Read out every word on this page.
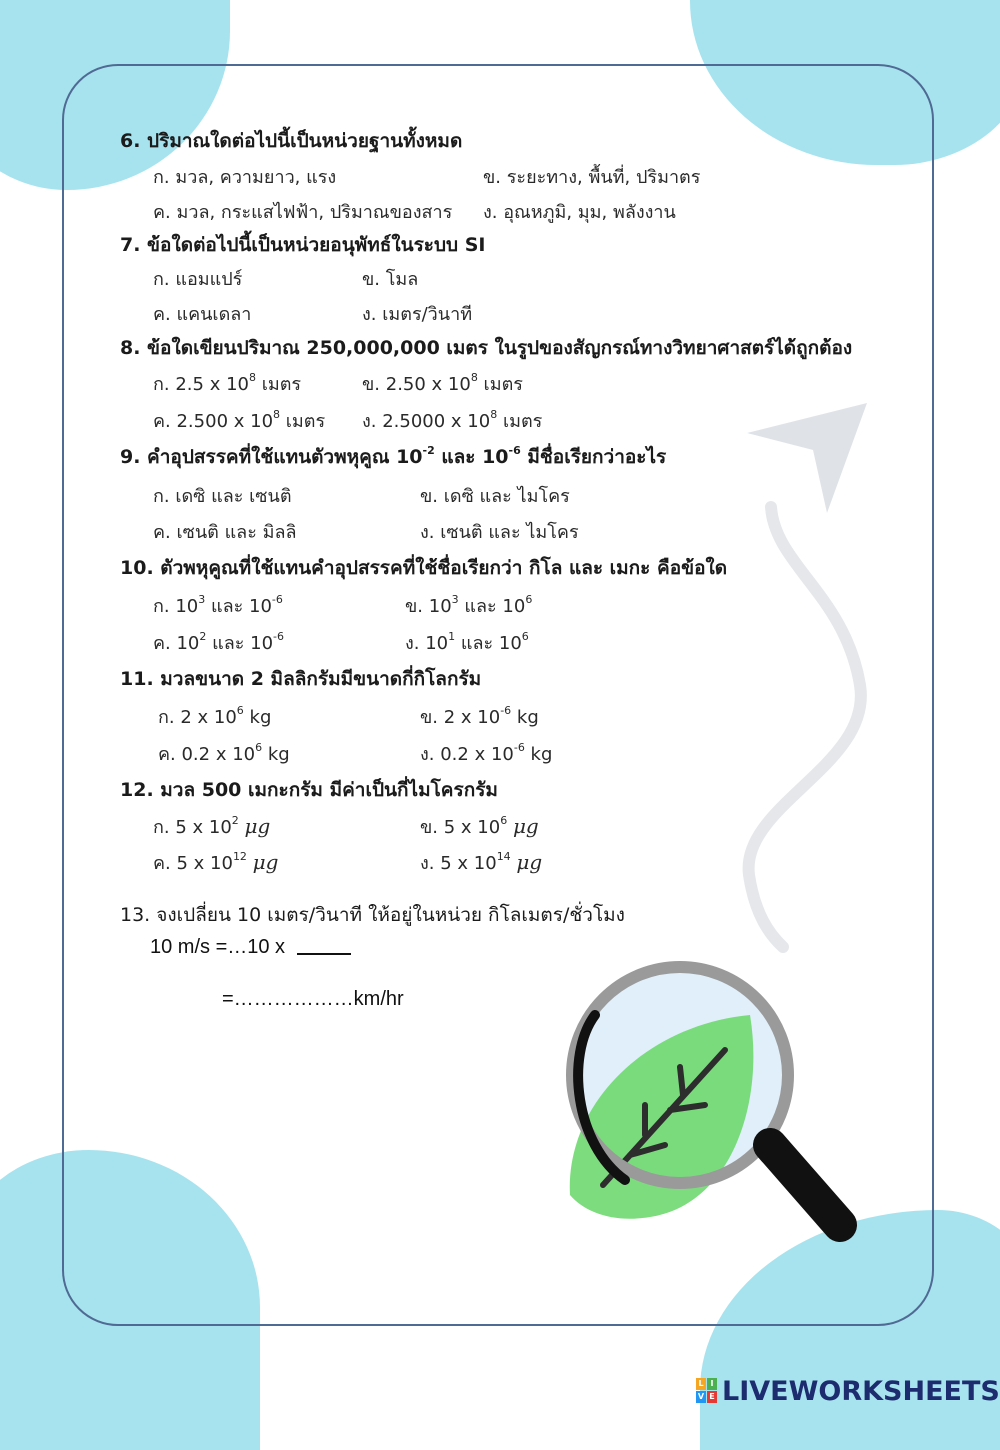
6. ปริมาณใดต่อไปนี้เป็นหน่วยฐานทั้งหมด
ก. มวล, ความยาว, แรง	ข. ระยะทาง, พื้นที่, ปริมาตร
ค. มวล, กระแสไฟฟ้า, ปริมาณของสาร ง. อุณหภูมิ, มุม, พลังงาน
7. ข้อใดต่อไปนี้เป็นหน่วยอนุพัทธ์ในระบบ SI
ก. แอมแปร์	ข. โมล
ค. แคนเดลา	ง. เมตร/วินาที
8. ข้อใดเขียนปริมาณ 250,000,000 เมตร ในรูปของสัญกรณ์ทางวิทยาศาสตร์ได้ถูกต้อง
ก. 2.5 x $10^8$ เมตร	ข. 2.50 x $10^8$ เมตร
ค. 2.500 x $10^8$ เมตร ง. 2.5000 x $10^8$ เมตร
9. คำอุปสรรคที่ใช้แทนตัวพหุคูณ $10^{-2}$ และ $10^{-6}$ มีชื่อเรียกว่าอะไร
ก. เดซิ และ เซนติ	ข. เดซิ และ ไมโคร
ค. เซนติ และ มิลลิ	ง. เซนติ และ ไมโคร
10. ตัวพหุคูณที่ใช้แทนคำอุปสรรคที่ใช้ชื่อเรียกว่า กิโล และ เมกะ คือข้อใด
ก. $10^3$ และ $10^{-6}$	ข. $10^3$ และ $10^6$
ค. $10^2$ และ $10^{-6}$	ง. $10^1$ และ $10^6$
11. มวลขนาด 2 มิลลิกรัมมีขนาดกี่กิโลกรัม
ก. 2 x $10^6$ kg	ข. 2 x $10^{-6}$ kg
ค. 0.2 x $10^6$ kg	ง. 0.2 x $10^{-6}$ kg
12. มวล 500 เมกะกรัม มีค่าเป็นกี่ไมโครกรัม
ก. 5 x $10^2$ μg	ข. 5 x $10^6$ μg
ค. 5 x $10^{12}$ μg	ง. 5 x $10^{14}$ μg
13. จงเปลี่ยน 10 เมตร/วินาที ให้อยู่ในหน่วย กิโลเมตร/ชั่วโมง
10 m/s =…10 x
=………………km/hr
L I
V E LIVEWORKSHEETS
